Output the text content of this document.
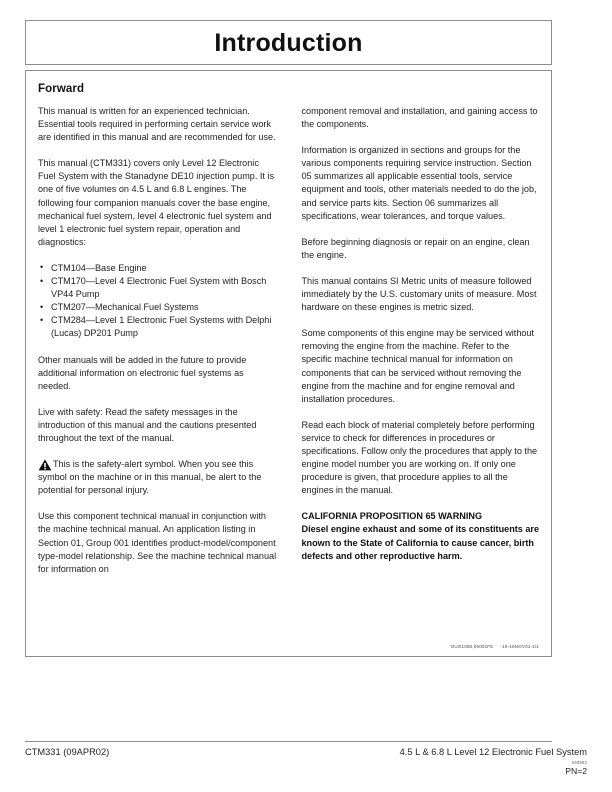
Introduction
Forward

This manual is written for an experienced technician. Essential tools required in performing certain service work are identified in this manual and are recommended for use.

This manual (CTM331) covers only Level 12 Electronic Fuel System with the Stanadyne DE10 injection pump. It is one of five volumes on 4.5 L and 6.8 L engines. The following four companion manuals cover the base engine, mechanical fuel system, level 4 electronic fuel system and level 1 electronic fuel system repair, operation and diagnostics:

• CTM104—Base Engine
• CTM170—Level 4 Electronic Fuel System with Bosch VP44 Pump
• CTM207—Mechanical Fuel Systems
• CTM284—Level 1 Electronic Fuel Systems with Delphi (Lucas) DP201 Pump

Other manuals will be added in the future to provide additional information on electronic fuel systems as needed.

Live with safety: Read the safety messages in the introduction of this manual and the cautions presented throughout the text of the manual.

This is the safety-alert symbol. When you see this symbol on the machine or in this manual, be alert to the potential for personal injury.

Use this component technical manual in conjunction with the machine technical manual. An application listing in Section 01, Group 001 identifies product-model/component type-model relationship. See the machine technical manual for information on

component removal and installation, and gaining access to the components.

Information is organized in sections and groups for the various components requiring service instruction. Section 05 summarizes all applicable essential tools, service equipment and tools, other materials needed to do the job, and service parts kits. Section 06 summarizes all specifications, wear tolerances, and torque values.

Before beginning diagnosis or repair on an engine, clean the engine.

This manual contains SI Metric units of measure followed immediately by the U.S. customary units of measure. Most hardware on these engines is metric sized.

Some components of this engine may be serviced without removing the engine from the machine. Refer to the specific machine technical manual for information on components that can be serviced without removing the engine from the machine and for engine removal and installation procedures.

Read each block of material completely before performing service to check for differences in procedures or specifications. Follow only the procedures that apply to the engine model number you are working on. If only one procedure is given, that procedure applies to all the engines in the manual.

CALIFORNIA PROPOSITION 65 WARNING
Diesel engine exhaust and some of its constituents are known to the State of California to cause cancer, birth defects and other reproductive harm.
OUO1080,00001FE -19-16NOV01-1/1
CTM331 (09APR02)	4.5 L & 6.8 L Level 12 Electronic Fuel System
040902
PN=2
